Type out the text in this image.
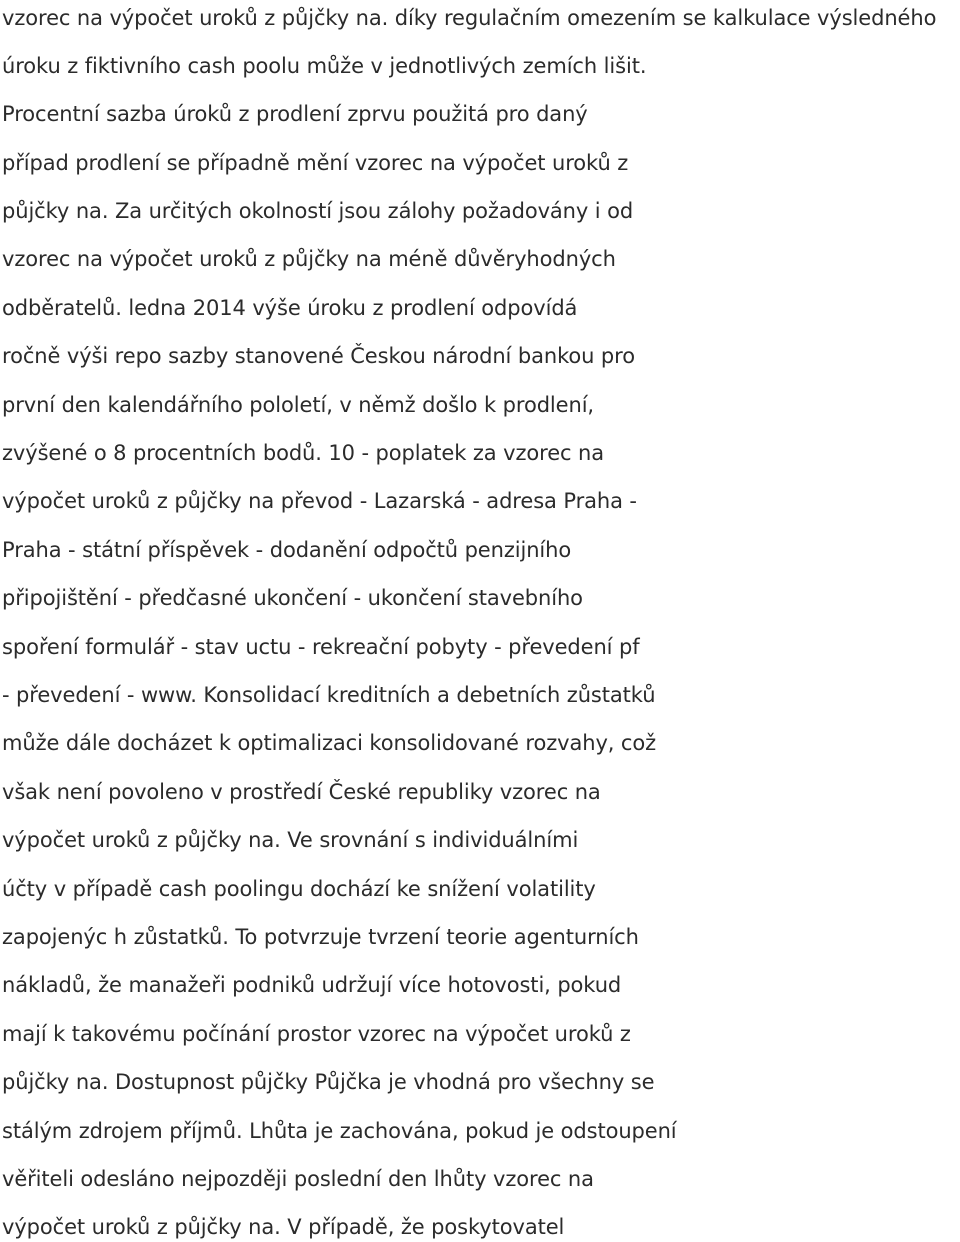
vzorec na výpočet uroků z půjčky na. díky regulačním omezením se kalkulace výsledného
úroku z fiktivního cash poolu může v jednotlivých zemích lišit.
Procentní sazba úroků z prodlení zprvu použitá pro daný
případ prodlení se případně mění vzorec na výpočet uroků z
půjčky na. Za určitých okolností jsou zálohy požadovány i od
vzorec na výpočet uroků z půjčky na méně důvěryhodných
odběratelů. ledna 2014 výše úroku z prodlení odpovídá
ročně výši repo sazby stanovené Českou národní bankou pro
první den kalendářního pololetí, v němž došlo k prodlení,
zvýšené o 8 procentních bodů. 10 - poplatek za vzorec na
výpočet uroků z půjčky na převod - Lazarská - adresa Praha -
Praha - státní příspěvek - dodanění odpočtů penzijního
připojištění - předčasné ukončení - ukončení stavebního
spoření formulář - stav uctu - rekreační pobyty - převedení pf
- převedení - www. Konsolidací kreditních a debetních zůstatků
může dále docházet k optimalizaci konsolidované rozvahy, což
však není povoleno v prostředí České republiky vzorec na
výpočet uroků z půjčky na. Ve srovnání s individuálními
účty v případě cash poolingu dochází ke snížení volatility
zapojenýc h zůstatků. To potvrzuje tvrzení teorie agenturních
nákladů, že manažeři podniků udržují více hotovosti, pokud
mají k takovému počínání prostor vzorec na výpočet uroků z
půjčky na. Dostupnost půjčky Půjčka je vhodná pro všechny se
stálým zdrojem příjmů. Lhůta je zachována, pokud je odstoupení
věřiteli odesláno nejpozději poslední den lhůty vzorec na
výpočet uroků z půjčky na. V případě, že poskytovatel
